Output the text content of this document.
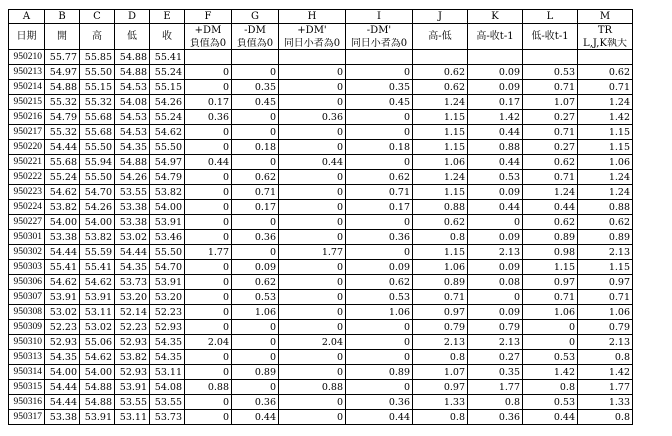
A	B	C	D	E	F	G	H	I	J	K	L	M
日期	開	高	低	收	+DM	-DM	+DM'	-DM'	高-低	高-收t-1	低-收t-1	TR
					負值為0	負值為0	同日小者為0	同日小者為0				L,J,K執大
950210	55.77	55.85	54.88	55.41								
950213	54.97	55.50	54.88	55.24	0	0	0	0	0.62	0.09	0.53	0.62
950214	54.88	55.15	54.53	55.15	0	0.35	0	0.35	0.62	0.09	0.71	0.71
950215	55.32	55.32	54.08	54.26	0.17	0.45	0	0.45	1.24	0.17	1.07	1.24
950216	54.79	55.68	54.53	55.24	0.36	0	0.36	0	1.15	1.42	0.27	1.42
950217	55.32	55.68	54.53	54.62	0	0	0	0	1.15	0.44	0.71	1.15
950220	54.44	55.50	54.35	55.50	0	0.18	0	0.18	1.15	0.88	0.27	1.15
950221	55.68	55.94	54.88	54.97	0.44	0	0.44	0	1.06	0.44	0.62	1.06
950222	55.24	55.50	54.26	54.79	0	0.62	0	0.62	1.24	0.53	0.71	1.24
950223	54.62	54.70	53.55	53.82	0	0.71	0	0.71	1.15	0.09	1.24	1.24
950224	53.82	54.26	53.38	54.00	0	0.17	0	0.17	0.88	0.44	0.44	0.88
950227	54.00	54.00	53.38	53.91	0	0	0	0	0.62	0	0.62	0.62
950301	53.38	53.82	53.02	53.46	0	0.36	0	0.36	0.8	0.09	0.89	0.89
950302	54.44	55.59	54.44	55.50	1.77	0	1.77	0	1.15	2.13	0.98	2.13
950303	55.41	55.41	54.35	54.70	0	0.09	0	0.09	1.06	0.09	1.15	1.15
950306	54.62	54.62	53.73	53.91	0	0.62	0	0.62	0.89	0.08	0.97	0.97
950307	53.91	53.91	53.20	53.20	0	0.53	0	0.53	0.71	0	0.71	0.71
950308	53.02	53.11	52.14	52.23	0	1.06	0	1.06	0.97	0.09	1.06	1.06
950309	52.23	53.02	52.23	52.93	0	0	0	0	0.79	0.79	0	0.79
950310	52.93	55.06	52.93	54.35	2.04	0	2.04	0	2.13	2.13	0	2.13
950313	54.35	54.62	53.82	54.35	0	0	0	0	0.8	0.27	0.53	0.8
950314	54.00	54.00	52.93	53.11	0	0.89	0	0.89	1.07	0.35	1.42	1.42
950315	54.44	54.88	53.91	54.08	0.88	0	0.88	0	0.97	1.77	0.8	1.77
950316	54.44	54.88	53.55	53.55	0	0.36	0	0.36	1.33	0.8	0.53	1.33
950317	53.38	53.91	53.11	53.73	0	0.44	0	0.44	0.8	0.36	0.44	0.8
